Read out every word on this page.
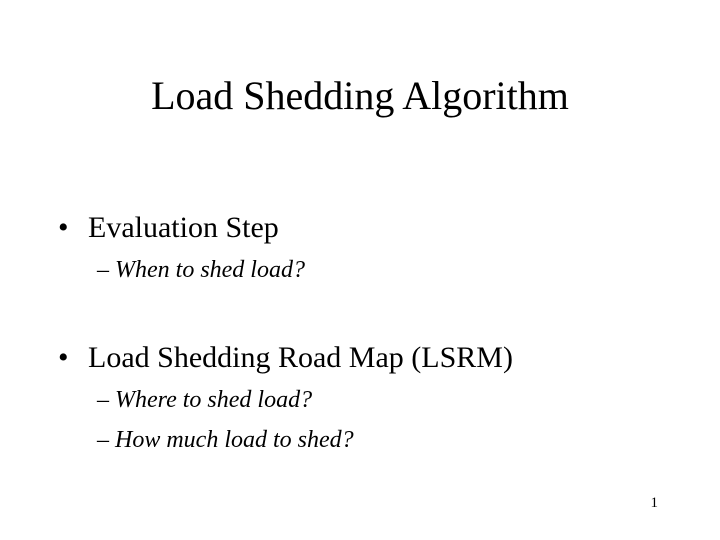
Load Shedding Algorithm
• Evaluation Step
– When to shed load?
• Load Shedding Road Map (LSRM)
– Where to shed load?
– How much load to shed?
1
